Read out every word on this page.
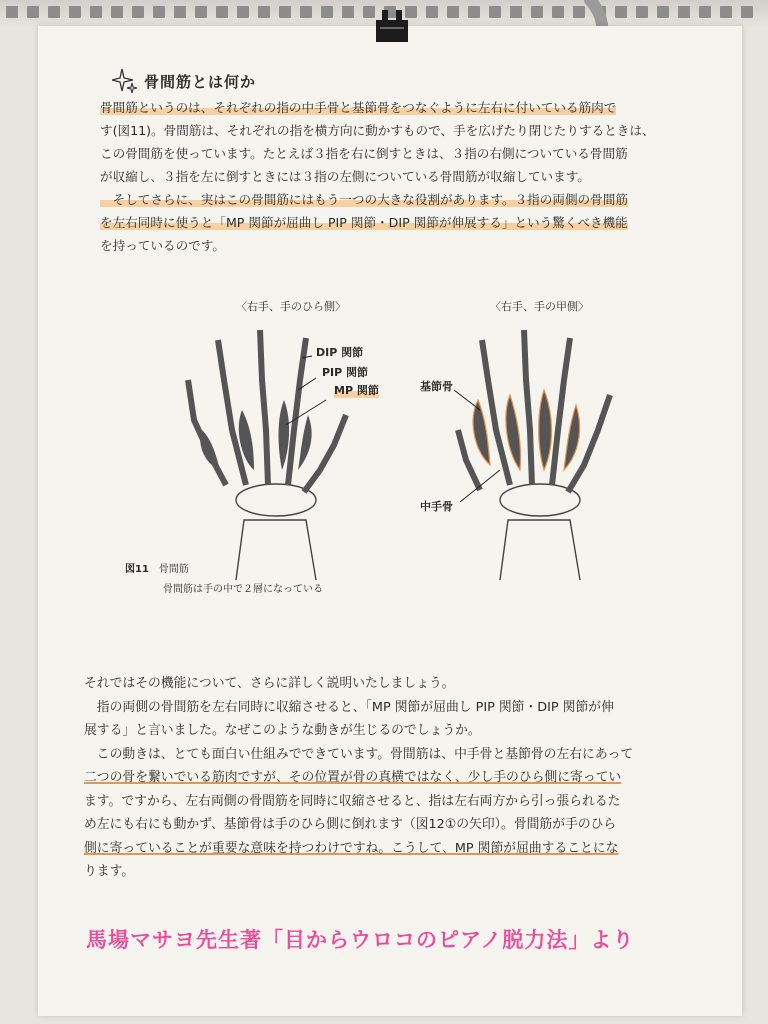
骨間筋とは何か
骨間筋というのは、それぞれの指の中手骨と基節骨をつなぐように左右に付いている筋肉で
す(図11)。骨間筋は、それぞれの指を横方向に動かすもので、手を広げたり閉じたりするときは、
この骨間筋を使っています。たとえば３指を右に倒すときは、３指の右側についている骨間筋
が収縮し、３指を左に倒すときには３指の左側についている骨間筋が収縮しています。
　そしてさらに、実はこの骨間筋にはもう一つの大きな役割があります。３指の両側の骨間筋
を左右同時に使うと「MP 関節が屈曲し PIP 関節・DIP 関節が伸展する」という驚くべき機能
を持っているのです。
〈右手、手のひら側〉	〈右手、手の甲側〉
DIP 関節
PIP 関節
MP 関節	基節骨
中手骨
図11 骨間筋
骨間筋は手の中で２層になっている
それではその機能について、さらに詳しく説明いたしましょう。
　指の両側の骨間筋を左右同時に収縮させると、「MP 関節が屈曲し PIP 関節・DIP 関節が伸
展する」と言いました。なぜこのような動きが生じるのでしょうか。
　この動きは、とても面白い仕組みでできています。骨間筋は、中手骨と基節骨の左右にあって
二つの骨を繋いでいる筋肉ですが、その位置が骨の真横ではなく、少し手のひら側に寄ってい
ます。ですから、左右両側の骨間筋を同時に収縮させると、指は左右両方から引っ張られるた
め左にも右にも動かず、基節骨は手のひら側に倒れます（図12①の矢印）。骨間筋が手のひら
側に寄っていることが重要な意味を持つわけですね。こうして、MP 関節が屈曲することにな
ります。
馬場マサヨ先生著「目からウロコのピアノ脱力法」より
